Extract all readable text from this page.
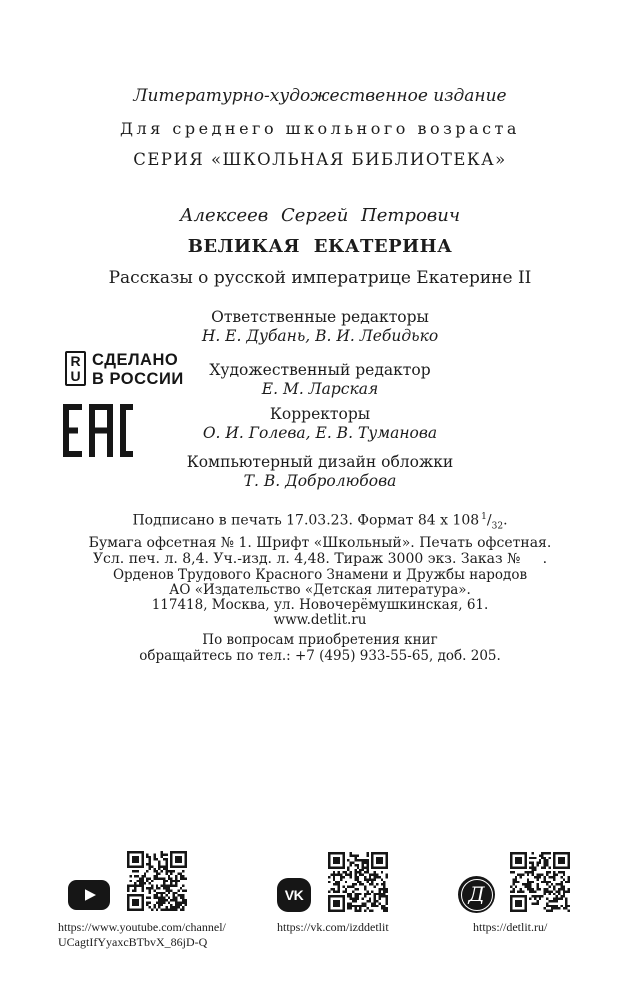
Литературно-художественное издание
Для среднего школьного возраста
СЕРИЯ «ШКОЛЬНАЯ БИБЛИОТЕКА»
Алексеев Сергей Петрович
ВЕЛИКАЯ ЕКАТЕРИНА
Рассказы о русской императрице Екатерине II
Ответственные редакторы
Н. Е. Дубань, В. И. Лебидько
Художественный редактор
Е. М. Ларская
Корректоры
О. И. Голева, Е. В. Туманова
Компьютерный дизайн обложки
Т. В. Добролюбова
R
U
СДЕЛАНО
В РОССИИ
Подписано в печать 17.03.23. Формат 84 х 108 $^1/_{32}$.
Бумага офсетная № 1. Шрифт «Школьный». Печать офсетная.
Усл. печ. л. 8,4. Уч.-изд. л. 4,48. Тираж 3000 экз. Заказ №     .
Орденов Трудового Красного Знамени и Дружбы народов
АО «Издательство «Детская литература».
117418, Москва, ул. Новочерёмушкинская, 61.
www.detlit.ru
По вопросам приобретения книг
обращайтесь по тел.: +7 (495) 933-55-65, доб. 205.
https://www.youtube.com/channel/
UCagtIfYyaxcBTbvX_86jD-Q
VK
https://vk.com/izddetlit
Д
https://detlit.ru/
